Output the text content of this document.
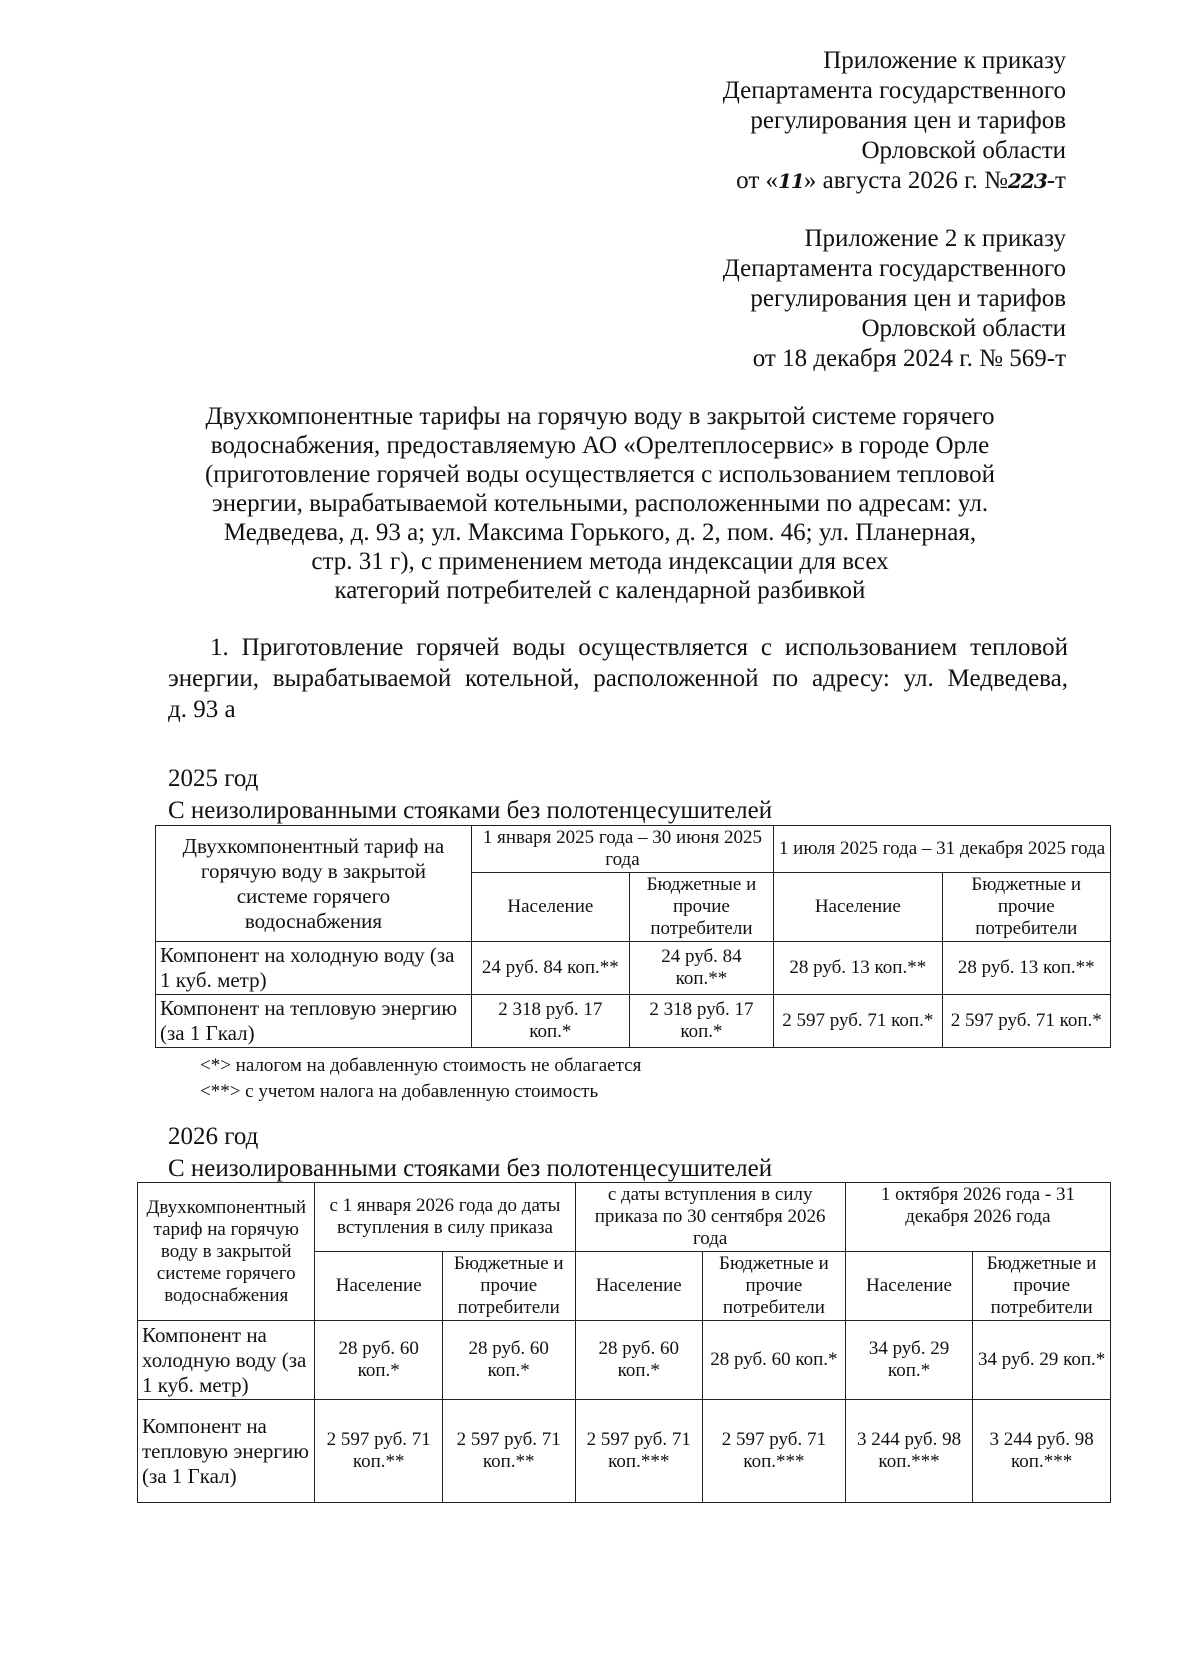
Приложение к приказу
Департамента государственного
регулирования цен и тарифов
Орловской области
от «11» августа 2026 г. №223-т
Приложение 2 к приказу
Департамента государственного
регулирования цен и тарифов
Орловской области
от 18 декабря 2024 г. № 569-т
Двухкомпонентные тарифы на горячую воду в закрытой системе горячего
водоснабжения, предоставляемую АО «Орелтеплосервис» в городе Орле
(приготовление горячей воды осуществляется с использованием тепловой
энергии, вырабатываемой котельными, расположенными по адресам: ул.
Медведева, д. 93 а; ул. Максима Горького, д. 2, пом. 46; ул. Планерная,
стр. 31 г), с применением метода индексации для всех
категорий потребителей с календарной разбивкой
1. Приготовление горячей воды осуществляется с использованием тепловой
энергии, вырабатываемой котельной, расположенной по адресу: ул. Медведева,
д. 93 а
2025 год
С неизолированными стояками без полотенцесушителей
Двухкомпонентный тариф на горячую воду в закрытой системе горячего водоснабжения	1 января 2025 года – 30 июня 2025 года		1 июля 2025 года – 31 декабря 2025 года	
	Население	Бюджетные и прочие потребители	Население	Бюджетные и прочие потребители
Компонент на холодную воду (за 1 куб. метр)	24 руб. 84 коп.**	24 руб. 84 коп.**	28 руб. 13 коп.**	28 руб. 13 коп.**
Компонент на тепловую энергию (за 1 Гкал)	2 318 руб. 17 коп.*	2 318 руб. 17 коп.*	2 597 руб. 71 коп.*	2 597 руб. 71 коп.*
<*> налогом на добавленную стоимость не облагается
<**> с учетом налога на добавленную стоимость
2026 год
С неизолированными стояками без полотенцесушителей
Двухкомпонентный тариф на горячую воду в закрытой системе горячего водоснабжения	с 1 января 2026 года до даты вступления в силу приказа		с даты вступления в силу приказа по 30 сентября 2026 года		1 октября 2026 года - 31 декабря 2026 года	
	Население	Бюджетные и прочие потребители	Население	Бюджетные и прочие потребители	Население	Бюджетные и прочие потребители
Компонент на холодную воду (за 1 куб. метр)	28 руб. 60 коп.*	28 руб. 60 коп.*	28 руб. 60 коп.*	28 руб. 60 коп.*	34 руб. 29 коп.*	34 руб. 29 коп.*
Компонент на тепловую энергию (за 1 Гкал)	2 597 руб. 71 коп.**	2 597 руб. 71 коп.**	2 597 руб. 71 коп.***	2 597 руб. 71 коп.***	3 244 руб. 98 коп.***	3 244 руб. 98 коп.***
